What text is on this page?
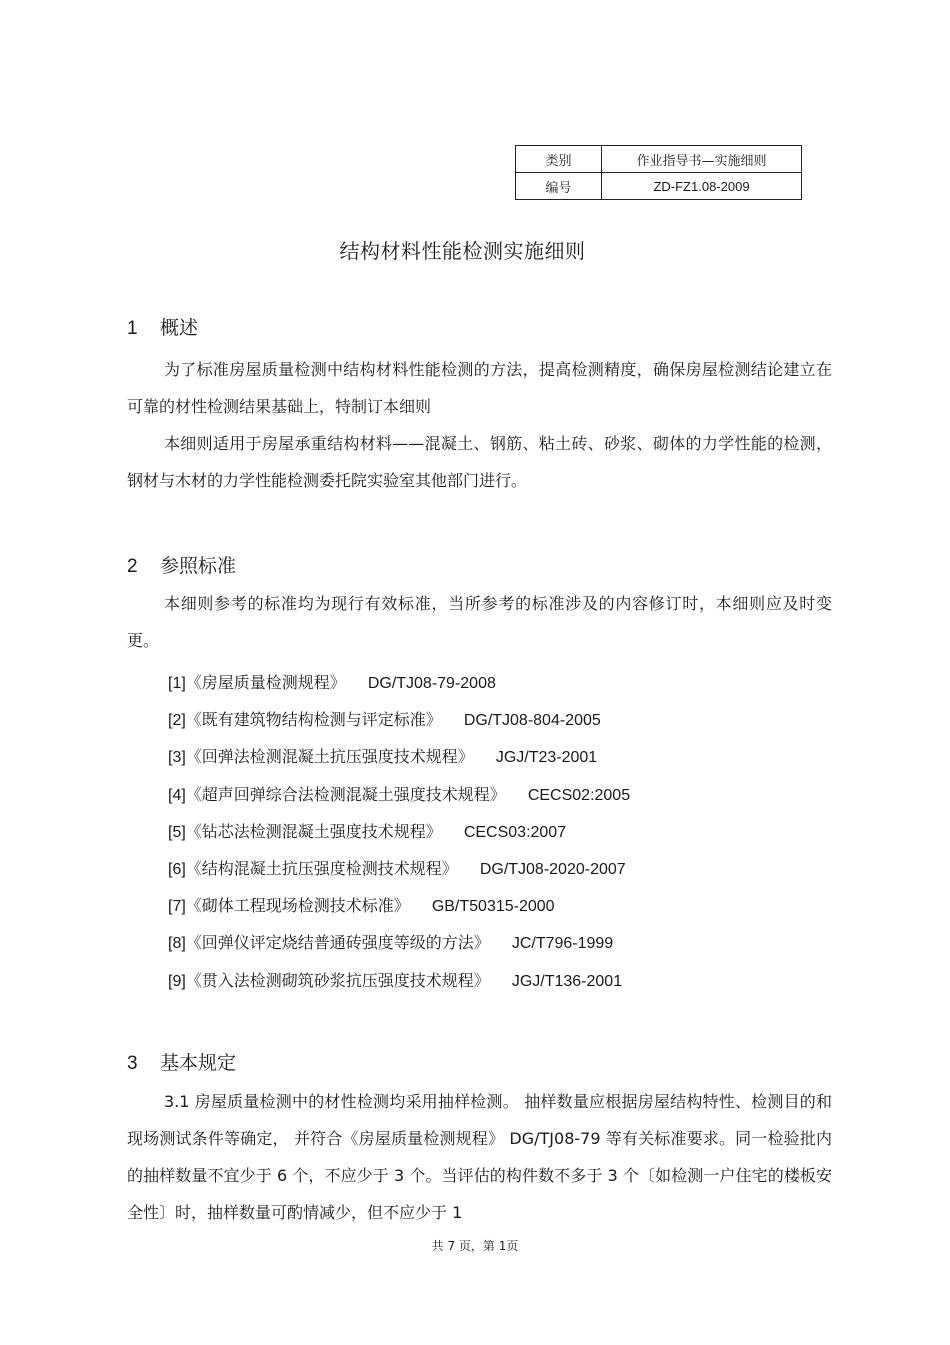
类别	作业指导书—实施细则
编号	ZD-FZ1.08-2009
结构材料性能检测实施细则
1 概述

为了标准房屋质量检测中结构材料性能检测的方法，提高检测精度，确保房屋检测结论建立在可靠的材性检测结果基础上，特制订本细则

本细则适用于房屋承重结构材料——混凝土、钢筋、粘土砖、砂浆、砌体的力学性能的检测，钢材与木材的力学性能检测委托院实验室其他部门进行。

2 参照标准

本细则参考的标准均为现行有效标准，当所参考的标准涉及的内容修订时，本细则应及时变更。

[1]《房屋质量检测规程》 DG/TJ08-79-2008
[2]《既有建筑物结构检测与评定标准》 DG/TJ08-804-2005
[3]《回弹法检测混凝土抗压强度技术规程》 JGJ/T23-2001
[4]《超声回弹综合法检测混凝土强度技术规程》 CECS02:2005
[5]《钻芯法检测混凝土强度技术规程》 CECS03:2007
[6]《结构混凝土抗压强度检测技术规程》 DG/TJ08-2020-2007
[7]《砌体工程现场检测技术标准》 GB/T50315-2000
[8]《回弹仪评定烧结普通砖强度等级的方法》 JC/T796-1999
[9]《贯入法检测砌筑砂浆抗压强度技术规程》 JGJ/T136-2001
3 基本规定

3.1 房屋质量检测中的材性检测均采用抽样检测。 抽样数量应根据房屋结构特性、检测目的和现场测试条件等确定， 并符合《房屋质量检测规程》 DG/TJ08-79 等有关标准要求。同一检验批内的抽样数量不宜少于 6 个，不应少于 3 个。当评估的构件数不多于 3 个〔如检测一户住宅的楼板安全性〕时，抽样数量可酌情减少，但不应少于 1

共 7 页，第 1页
